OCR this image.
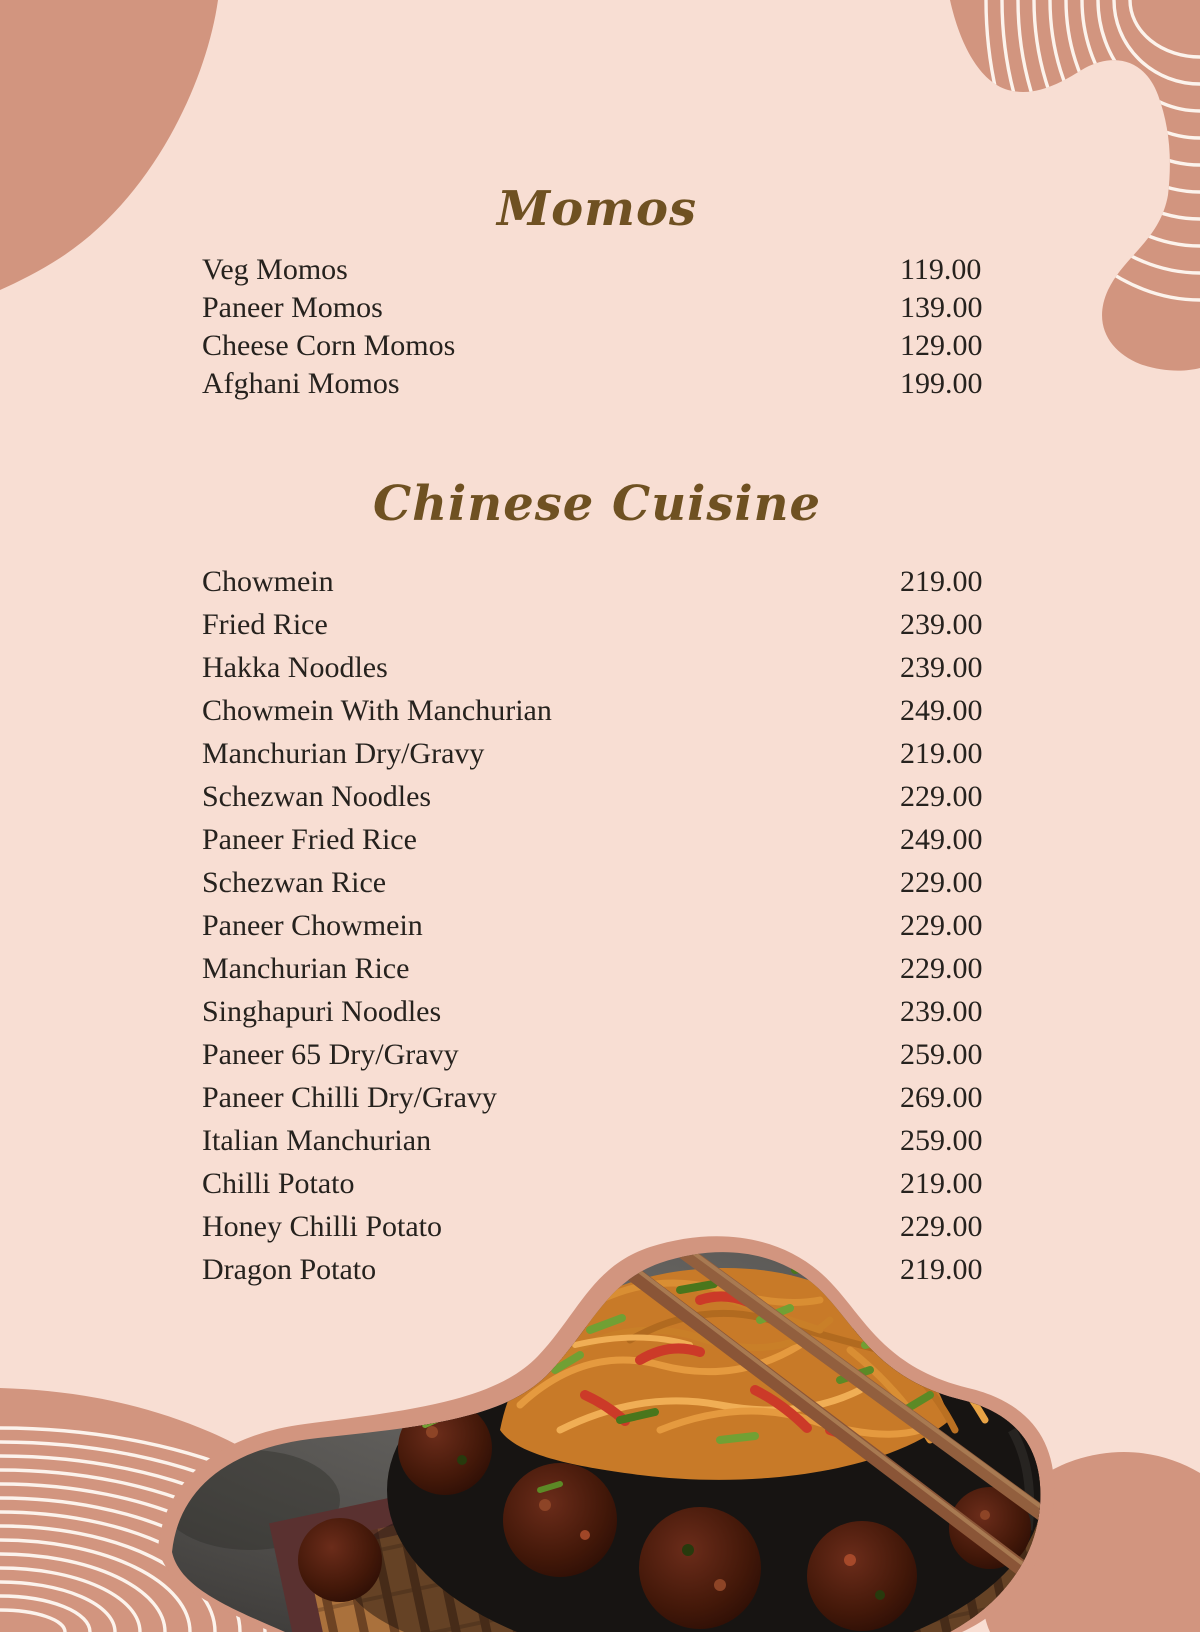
Momos
Veg Momos	119.00
Paneer Momos	139.00
Cheese Corn Momos	129.00
Afghani Momos	199.00
Chinese Cuisine
Chowmein	219.00
Fried Rice	239.00
Hakka Noodles	239.00
Chowmein With Manchurian	249.00
Manchurian Dry/Gravy	219.00
Schezwan Noodles	229.00
Paneer Fried Rice	249.00
Schezwan Rice	229.00
Paneer Chowmein	229.00
Manchurian Rice	229.00
Singhapuri Noodles	239.00
Paneer 65 Dry/Gravy	259.00
Paneer Chilli Dry/Gravy	269.00
Italian Manchurian	259.00
Chilli Potato	219.00
Honey Chilli Potato	229.00
Dragon Potato	219.00
